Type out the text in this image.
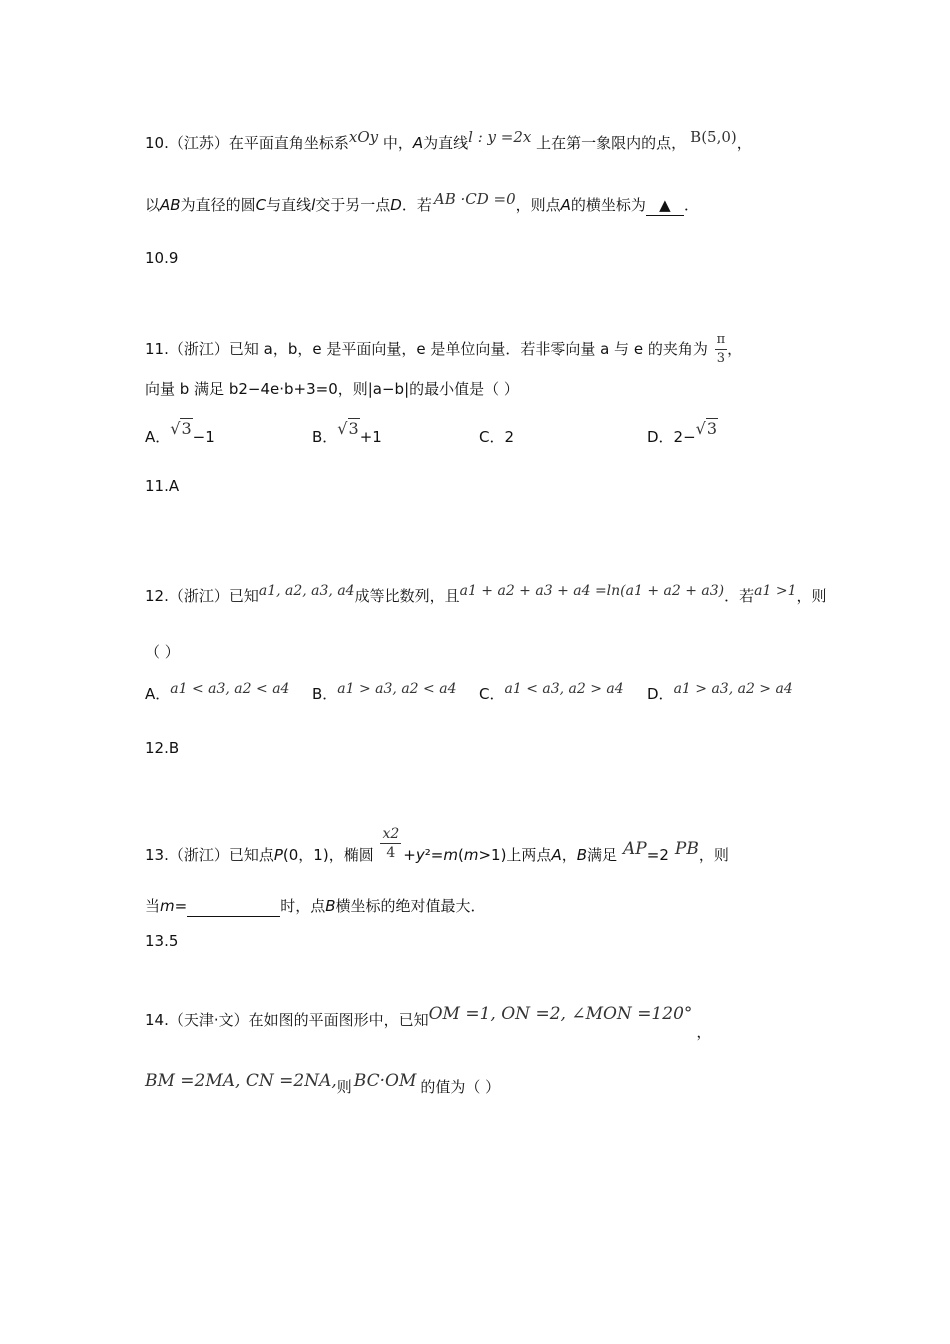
10.（江苏）在平面直角坐标系xOy 中，A为直线l : y =2x 上在第一象限内的点， B(5,0)，
以AB为直径的圆C与直线l交于另一点D．若 AB ·CD =0，则点A的横坐标为 ▲ ．
10.9
11.（浙江）已知 a，b，e 是平面向量，e 是单位向量．若非零向量 a 与 e 的夹角为 $\frac{\pi}{3}$ ，
向量 b 满足 b2−4e·b+3=0，则|a−b|的最小值是（ ）
A．√3−1	B．√3+1	C．2	D．2−√3
11.A
12.（浙江）已知a1, a2, a3, a4成等比数列，且a1 + a2 + a3 + a4 =ln(a1 + a2 + a3)．若a1 >1，则
（ ）
A．a1 < a3, a2 < a4 B．a1 > a3, a2 < a4 C．a1 < a3, a2 > a4 D．a1 > a3, a2 > a4
12.B
13.（浙江）已知点P(0，1)，椭圆 $\frac{x2}{4} +y^2=m(m>1)$上两点A，B满足 AP=2 PB，则
当m=	时，点B横坐标的绝对值最大．
13.5
14.（天津·文）在如图的平面图形中，已知OM =1, ON =2, ∠MON =120°，
BM =2MA, CN =2NA,则 BC·OM 的值为（ ）
